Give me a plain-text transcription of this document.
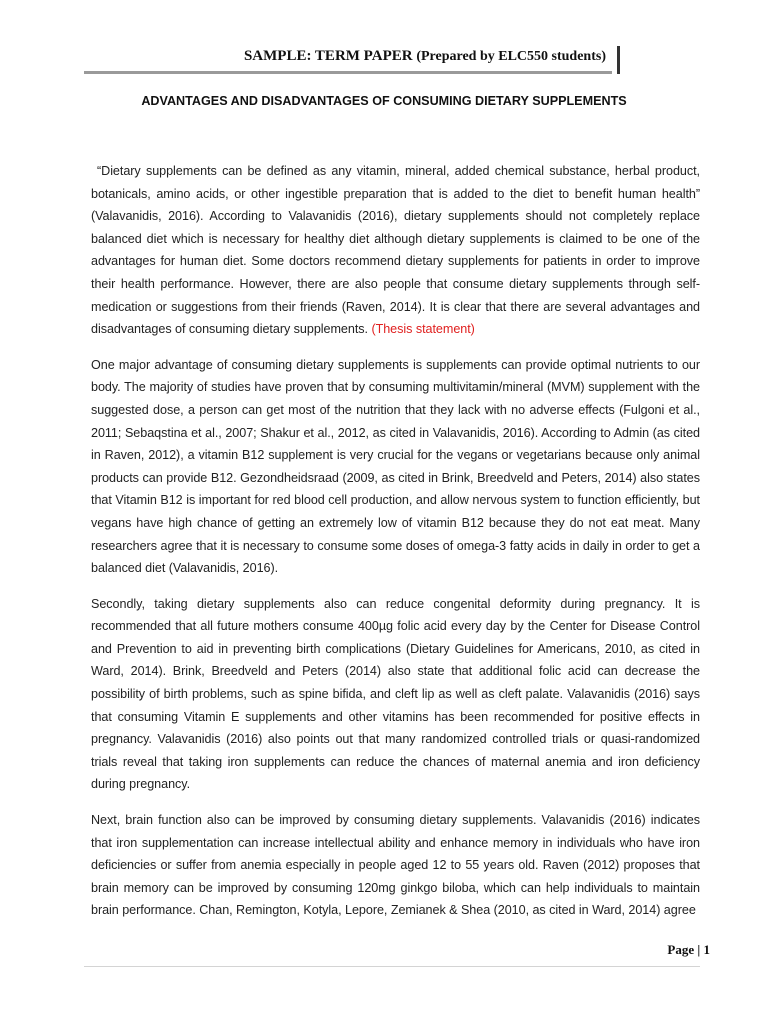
SAMPLE: TERM PAPER (Prepared by ELC550 students)
ADVANTAGES AND DISADVANTAGES OF CONSUMING DIETARY SUPPLEMENTS

“Dietary supplements can be defined as any vitamin, mineral, added chemical substance, herbal product, botanicals, amino acids, or other ingestible preparation that is added to the diet to benefit human health” (Valavanidis, 2016). According to Valavanidis (2016), dietary supplements should not completely replace balanced diet which is necessary for healthy diet although dietary supplements is claimed to be one of the advantages for human diet. Some doctors recommend dietary supplements for patients in order to improve their health performance. However, there are also people that consume dietary supplements through self-medication or suggestions from their friends (Raven, 2014). It is clear that there are several advantages and disadvantages of consuming dietary supplements. (Thesis statement)

One major advantage of consuming dietary supplements is supplements can provide optimal nutrients to our body. The majority of studies have proven that by consuming multivitamin/mineral (MVM) supplement with the suggested dose, a person can get most of the nutrition that they lack with no adverse effects (Fulgoni et al., 2011; Sebaqstina et al., 2007; Shakur et al., 2012, as cited in Valavanidis, 2016). According to Admin (as cited in Raven, 2012), a vitamin B12 supplement is very crucial for the vegans or vegetarians because only animal products can provide B12. Gezondheidsraad (2009, as cited in Brink, Breedveld and Peters, 2014) also states that Vitamin B12 is important for red blood cell production, and allow nervous system to function efficiently, but vegans have high chance of getting an extremely low of vitamin B12 because they do not eat meat. Many researchers agree that it is necessary to consume some doses of omega-3 fatty acids in daily in order to get a balanced diet (Valavanidis, 2016).

Secondly, taking dietary supplements also can reduce congenital deformity during pregnancy. It is recommended that all future mothers consume 400µg folic acid every day by the Center for Disease Control and Prevention to aid in preventing birth complications (Dietary Guidelines for Americans, 2010, as cited in Ward, 2014). Brink, Breedveld and Peters (2014) also state that additional folic acid can decrease the possibility of birth problems, such as spine bifida, and cleft lip as well as cleft palate. Valavanidis (2016) says that consuming Vitamin E supplements and other vitamins has been recommended for positive effects in pregnancy. Valavanidis (2016) also points out that many randomized controlled trials or quasi-randomized trials reveal that taking iron supplements can reduce the chances of maternal anemia and iron deficiency during pregnancy.

Next, brain function also can be improved by consuming dietary supplements. Valavanidis (2016) indicates that iron supplementation can increase intellectual ability and enhance memory in individuals who have iron deficiencies or suffer from anemia especially in people aged 12 to 55 years old. Raven (2012) proposes that brain memory can be improved by consuming 120mg ginkgo biloba, which can help individuals to maintain brain performance. Chan, Remington, Kotyla, Lepore, Zemianek & Shea (2010, as cited in Ward, 2014) agree

Page | 1
